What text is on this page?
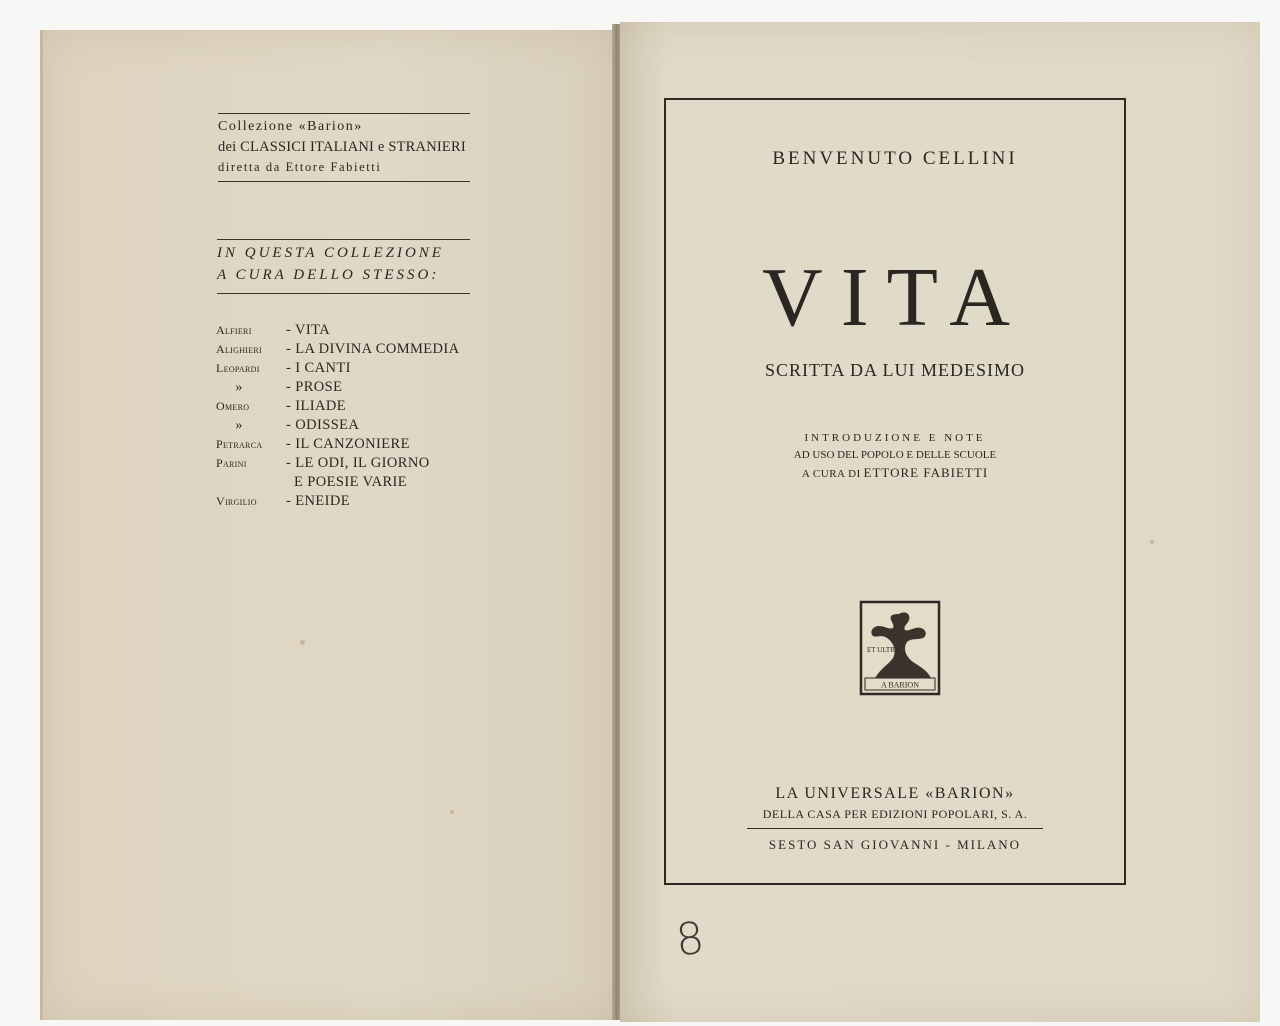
Collezione «Barion»
dei CLASSICI ITALIANI e STRANIERI
diretta da Ettore Fabietti
IN QUESTA COLLEZIONE
A CURA DELLO STESSO:
Alfieri	- VITA
Alighieri	- LA DIVINA COMMEDIA
Leopardi	- I CANTI
»	- PROSE
Omero	- ILIADE
»	- ODISSEA
Petrarca	- IL CANZONIERE
Parini	- LE ODI, IL GIORNO
E POESIE VARIE
Virgilio	- ENEIDE
BENVENUTO CELLINI
VITA
SCRITTA DA LUI MEDESIMO
INTRODUZIONE E NOTE
AD USO DEL POPOLO E DELLE SCUOLE
A CURA DI ETTORE FABIETTI
ET ULTRA
A BARION
LA UNIVERSALE «BARION»
DELLA CASA PER EDIZIONI POPOLARI, S. A.
SESTO SAN GIOVANNI - MILANO
8
